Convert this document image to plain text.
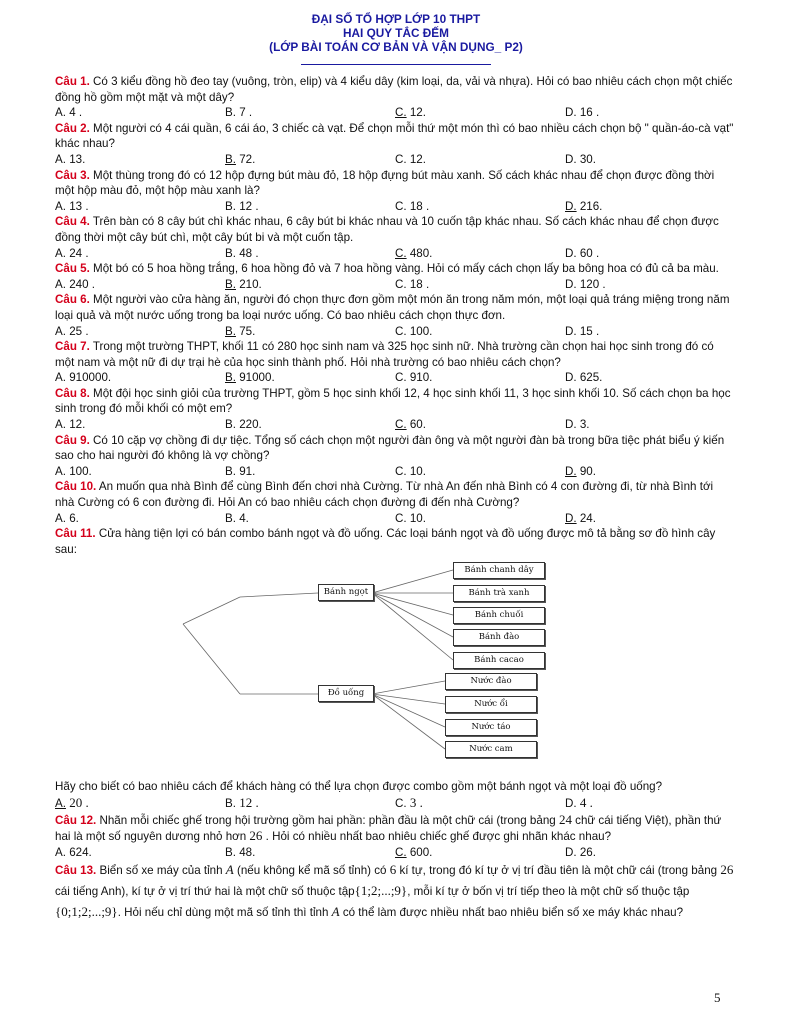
ĐẠI SỐ TỔ HỢP LỚP 10 THPT
HAI QUY TẮC ĐẾM
(LỚP BÀI TOÁN CƠ BẢN VÀ VẬN DỤNG_ P2)

Câu 1. Có 3 kiểu đồng hồ đeo tay (vuông, tròn, elip) và 4 kiểu dây (kim loại, da, vải và nhựa). Hỏi có bao nhiêu cách chọn một chiếc đồng hồ gồm một mặt và một dây?

A. 4 .	B. 7 .	C. 12.	D. 16 .

Câu 2. Một người có 4 cái quần, 6 cái áo, 3 chiếc cà vạt. Để chọn mỗi thứ một món thì có bao nhiều cách chọn bộ " quần-áo-cà vạt" khác nhau?

A. 13.	B. 72.	C. 12.	D. 30.

Câu 3. Một thùng trong đó có 12 hộp đựng bút màu đỏ, 18 hộp đựng bút màu xanh. Số cách khác nhau để chọn được đồng thời một hộp màu đỏ, một hộp màu xanh là?

A. 13 .	B. 12 .	C. 18 .	D. 216.

Câu 4. Trên bàn có 8 cây bút chì khác nhau, 6 cây bút bi khác nhau và 10 cuốn tập khác nhau. Số cách khác nhau để chọn được đồng thời một cây bút chì, một cây bút bi và một cuốn tập.

A. 24 .	B. 48 .	C. 480.	D. 60 .

Câu 5. Một bó có 5 hoa hồng trắng, 6 hoa hồng đỏ và 7 hoa hồng vàng. Hỏi có mấy cách chọn lấy ba bông hoa có đủ cả ba màu.

A. 240 .	B. 210.	C. 18 .	D. 120 .

Câu 6. Một người vào cửa hàng ăn, người đó chọn thực đơn gồm một món ăn trong năm món, một loại quả tráng miệng trong năm loại quả và một nước uống trong ba loại nước uống. Có bao nhiêu cách chọn thực đơn.

A. 25 .	B. 75.	C. 100.	D. 15 .

Câu 7. Trong một trường THPT, khối 11 có 280 học sinh nam và 325 học sinh nữ. Nhà trường cần chọn hai học sinh trong đó có một nam và một nữ đi dự trại hè của học sinh thành phố. Hỏi nhà trường có bao nhiêu cách chọn?

A. 910000.	B. 91000.	C. 910.	D. 625.

Câu 8. Một đội học sinh giỏi của trường THPT, gồm 5 học sinh khối 12, 4 học sinh khối 11, 3 học sinh khối 10. Số cách chọn ba học sinh trong đó mỗi khối có một em?

A. 12.	B. 220.	C. 60.	D. 3.

Câu 9. Có 10 cặp vợ chồng đi dự tiệc. Tổng số cách chọn một người đàn ông và một người đàn bà trong bữa tiệc phát biểu ý kiến sao cho hai người đó không là vợ chồng?

A. 100.	B. 91.	C. 10.	D. 90.

Câu 10. An muốn qua nhà Bình để cùng Bình đến chơi nhà Cường. Từ nhà An đến nhà Bình có 4 con đường đi, từ nhà Bình tới nhà Cường có 6 con đường đi. Hỏi An có bao nhiêu cách chọn đường đi đến nhà Cường?

A. 6.	B. 4.	C. 10.	D. 24.

Câu 11. Cửa hàng tiện lợi có bán combo bánh ngọt và đồ uống. Các loại bánh ngọt và đồ uống được mô tả bằng sơ đồ hình cây sau:

Bánh ngọt
Đồ uống
Bánh chanh dây
Bánh trà xanh
Bánh chuối
Bánh đào
Bánh cacao
Nước đào
Nước ổi
Nước táo
Nước cam

Hãy cho biết có bao nhiêu cách để khách hàng có thể lựa chọn được combo gồm một bánh ngọt và một loại đồ uống?

A. 20 .	B. 12 .	C. 3 .	D. 4 .

Câu 12. Nhãn mỗi chiếc ghế trong hội trường gồm hai phần: phần đầu là một chữ cái (trong bảng 24 chữ cái tiếng Việt), phần thứ hai là một số nguyên dương nhỏ hơn 26 . Hỏi có nhiều nhất bao nhiêu chiếc ghế được ghi nhãn khác nhau?

A. 624.	B. 48.	C. 600.	D. 26.

Câu 13. Biển số xe máy của tỉnh A (nếu không kể mã số tỉnh) có 6 kí tự, trong đó kí tự ở vị trí đầu tiên là một chữ cái (trong bảng 26 cái tiếng Anh), kí tự ở vị trí thứ hai là một chữ số thuộc tập{1;2;...;9}, mỗi kí tự ở bốn vị trí tiếp theo là một chữ số thuộc tập {0;1;2;...;9}. Hỏi nếu chỉ dùng một mã số tỉnh thì tỉnh A có thể làm được nhiều nhất bao nhiêu biển số xe máy khác nhau?

5
